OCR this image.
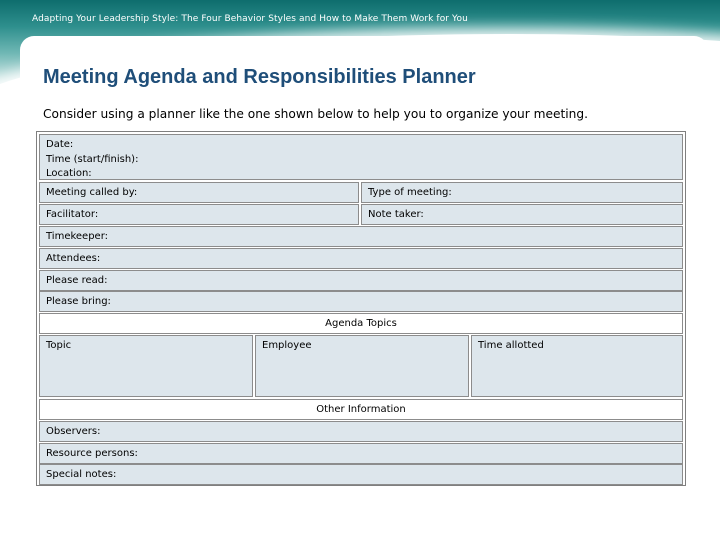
Adapting Your Leadership Style: The Four Behavior Styles and How to Make Them Work for You
Meeting Agenda and Responsibilities Planner
Consider using a planner like the one shown below to help you to organize your meeting.
Date:
Time (start/finish):
Location:
Meeting called by:	Type of meeting:
Facilitator:	Note taker:
Timekeeper:
Attendees:
Please read:
Please bring:
Agenda Topics
Topic	Employee	Time allotted
Other Information
Observers:
Resource persons:
Special notes:
